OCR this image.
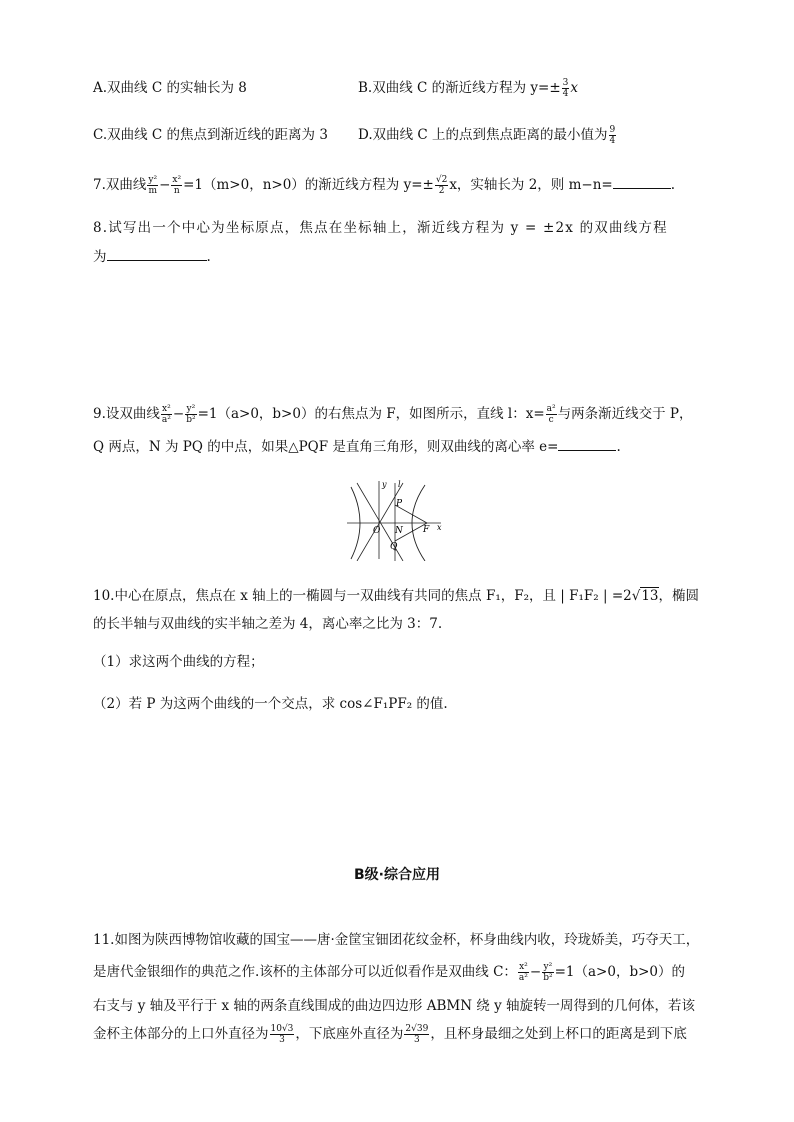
A.双曲线 C 的实轴长为 8	B.双曲线 C 的渐近线方程为 $y=\pm \frac{3}{4}$ x
C.双曲线 C 的焦点到渐近线的距离为 3 D.双曲线 C 上的点到焦点距离的最小值为 $\frac{9}{4}$
7.双曲线 $\frac{\text{y²}}{m} - \frac{\text{x²}}{n} =1(m>0$，n>0）的渐近线方程为 $y=\pm \frac{√2}{2}$ x，实轴长为 2，则 m−n=	.
8.试写出一个中心为坐标原点，焦点在坐标轴上，渐近线方程为 y = ±2x 的双曲线方程
为	.
9.设双曲线 $\frac{\text{x²}}{\text{a²}} - \frac{\text{y²}}{\text{b²}} =1(a>0$，b>0）的右焦点为 F，如图所示，直线 l：$x= \frac{\text{a²}}{c}$ 与两条渐近线交于 P，
Q 两点，N 为 PQ 的中点，如果△PQF 是直角三角形，则双曲线的离心率 e=	.
y l
P
O N F x
Q
10.中心在原点，焦点在 x 轴上的一椭圆与一双曲线有共同的焦点 F₁，F₂，且 | F₁F₂ | =2√13，椭圆
的长半轴与双曲线的实半轴之差为 4，离心率之比为 3：7.
（1）求这两个曲线的方程；
（2）若 P 为这两个曲线的一个交点，求 cos∠F₁PF₂ 的值.
B级·综合应用
11.如图为陕西博物馆收藏的国宝——唐·金筐宝钿团花纹金杯，杯身曲线内收，玲珑娇美，巧夺天工，
是唐代金银细作的典范之作.该杯的主体部分可以近似看作是双曲线 C： $\frac{\text{x²}}{\text{a²}} - \frac{\text{y²}}{\text{b²}} =1(a>0$，b>0）的
右支与 y 轴及平行于 x 轴的两条直线围成的曲边四边形 ABMN 绕 y 轴旋转一周得到的几何体，若该
金杯主体部分的上口外直径为 $\frac{10√3}{3}$ ，下底座外直径为 $\frac{2√39}{3}$ ，且杯身最细之处到上杯口的距离是到下底
